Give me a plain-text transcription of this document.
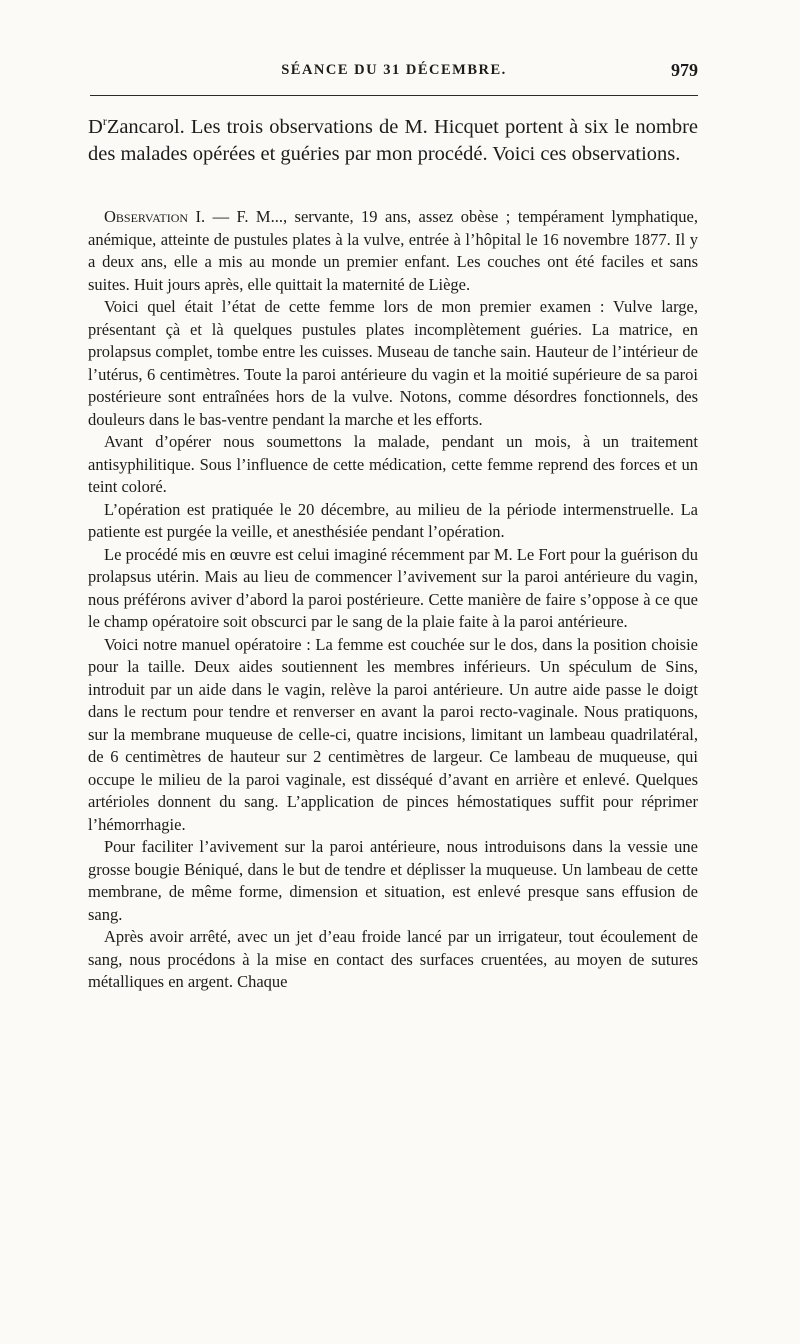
SÉANCE DU 31 DÉCEMBRE.	979
$D^rZancarol$. Les trois observations de M. Hicquet portent à six le nombre des malades opérées et guéries par mon procédé. Voici ces observations.

Observation I. — F. M..., servante, 19 ans, assez obèse ; tempérament lymphatique, anémique, atteinte de pustules plates à la vulve, entrée à l’hôpital le 16 novembre 1877. Il y a deux ans, elle a mis au monde un premier enfant. Les couches ont été faciles et sans suites. Huit jours après, elle quittait la maternité de Liège.

Voici quel était l’état de cette femme lors de mon premier examen : Vulve large, présentant çà et là quelques pustules plates incomplètement guéries. La matrice, en prolapsus complet, tombe entre les cuisses. Museau de tanche sain. Hauteur de l’intérieur de l’utérus, 6 centimètres. Toute la paroi antérieure du vagin et la moitié supérieure de sa paroi postérieure sont entraînées hors de la vulve. Notons, comme désordres fonctionnels, des douleurs dans le bas-ventre pendant la marche et les efforts.

Avant d’opérer nous soumettons la malade, pendant un mois, à un traitement antisyphilitique. Sous l’influence de cette médication, cette femme reprend des forces et un teint coloré.

L’opération est pratiquée le 20 décembre, au milieu de la période intermenstruelle. La patiente est purgée la veille, et anesthésiée pendant l’opération.

Le procédé mis en œuvre est celui imaginé récemment par M. Le Fort pour la guérison du prolapsus utérin. Mais au lieu de commencer l’avivement sur la paroi antérieure du vagin, nous préférons aviver d’abord la paroi postérieure. Cette manière de faire s’oppose à ce que le champ opératoire soit obscurci par le sang de la plaie faite à la paroi antérieure.

Voici notre manuel opératoire : La femme est couchée sur le dos, dans la position choisie pour la taille. Deux aides soutiennent les membres inférieurs. Un spéculum de Sins, introduit par un aide dans le vagin, relève la paroi antérieure. Un autre aide passe le doigt dans le rectum pour tendre et renverser en avant la paroi recto-vaginale. Nous pratiquons, sur la membrane muqueuse de celle-ci, quatre incisions, limitant un lambeau quadrilatéral, de 6 centimètres de hauteur sur 2 centimètres de largeur. Ce lambeau de muqueuse, qui occupe le milieu de la paroi vaginale, est disséqué d’avant en arrière et enlevé. Quelques artérioles donnent du sang. L’application de pinces hémostatiques suffit pour réprimer l’hémorrhagie.

Pour faciliter l’avivement sur la paroi antérieure, nous introduisons dans la vessie une grosse bougie Béniqué, dans le but de tendre et déplisser la muqueuse. Un lambeau de cette membrane, de même forme, dimension et situation, est enlevé presque sans effusion de sang.

Après avoir arrêté, avec un jet d’eau froide lancé par un irrigateur, tout écoulement de sang, nous procédons à la mise en contact des surfaces cruentées, au moyen de sutures métalliques en argent. Chaque
